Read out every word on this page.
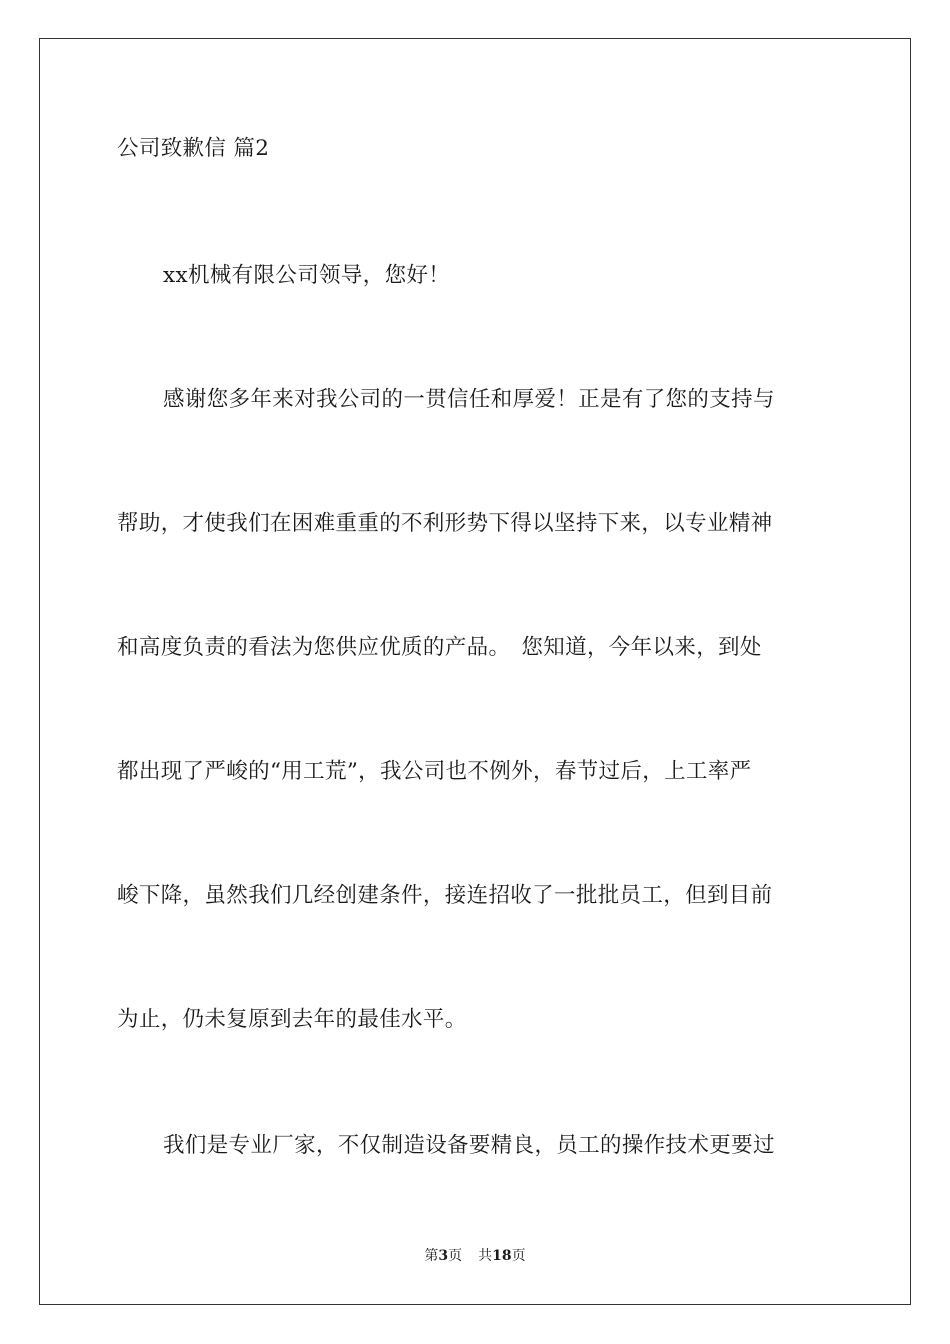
公司致歉信 篇2
xx机械有限公司领导，您好！
感谢您多年来对我公司的一贯信任和厚爱！正是有了您的支持与
帮助，才使我们在困难重重的不利形势下得以坚持下来，以专业精神
和高度负责的看法为您供应优质的产品。　您知道，今年以来，到处
都出现了严峻的“用工荒”，我公司也不例外，春节过后，上工率严
峻下降，虽然我们几经创建条件，接连招收了一批批员工，但到目前
为止，仍未复原到去年的最佳水平。
我们是专业厂家，不仅制造设备要精良，员工的操作技术更要过
第3页 共18页
